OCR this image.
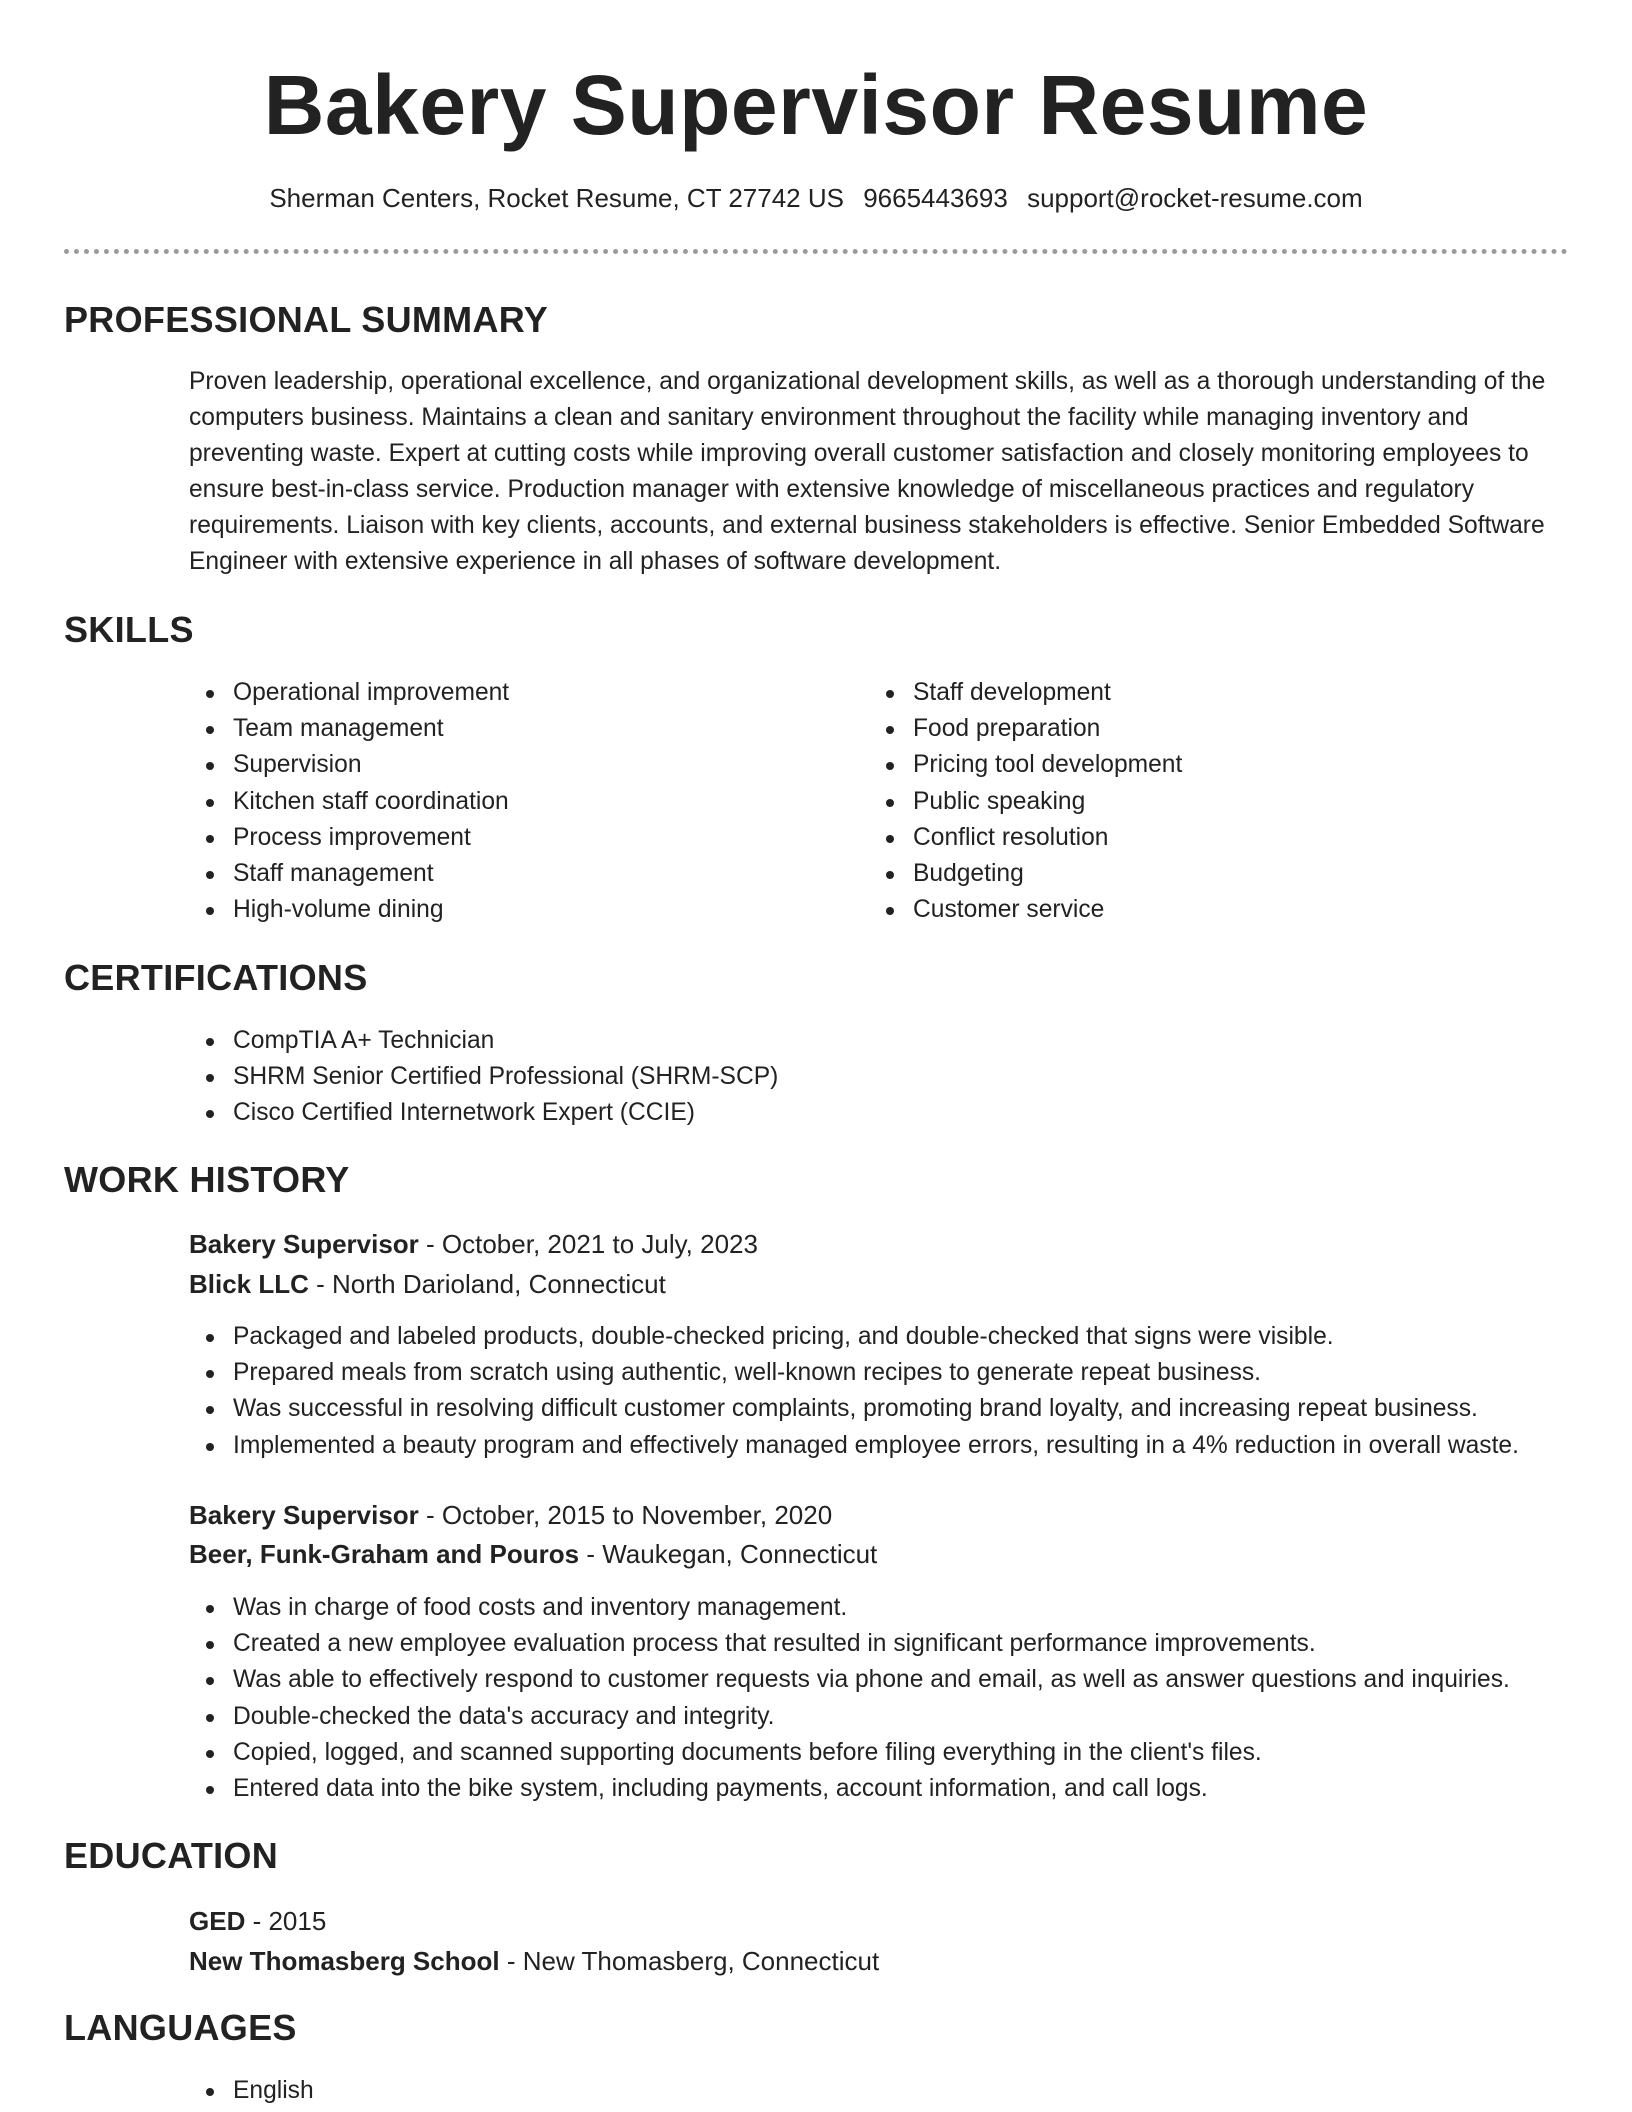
Bakery Supervisor Resume
Sherman Centers, Rocket Resume, CT 27742 US 9665443693 support@rocket-resume.com
PROFESSIONAL SUMMARY

Proven leadership, operational excellence, and organizational development skills, as well as a thorough understanding of the computers business. Maintains a clean and sanitary environment throughout the facility while managing inventory and preventing waste. Expert at cutting costs while improving overall customer satisfaction and closely monitoring employees to ensure best-in-class service. Production manager with extensive knowledge of miscellaneous practices and regulatory requirements. Liaison with key clients, accounts, and external business stakeholders is effective. Senior Embedded Software Engineer with extensive experience in all phases of software development.

SKILLS
Operational improvement
Team management
Supervision
Kitchen staff coordination
Process improvement
Staff management
High-volume dining
Staff development
Food preparation
Pricing tool development
Public speaking
Conflict resolution
Budgeting
Customer service
CERTIFICATIONS
CompTIA A+ Technician
SHRM Senior Certified Professional (SHRM-SCP)
Cisco Certified Internetwork Expert (CCIE)
WORK HISTORY
Bakery Supervisor - October, 2021 to July, 2023
Blick LLC - North Darioland, Connecticut
Packaged and labeled products, double-checked pricing, and double-checked that signs were visible.
Prepared meals from scratch using authentic, well-known recipes to generate repeat business.
Was successful in resolving difficult customer complaints, promoting brand loyalty, and increasing repeat business.
Implemented a beauty program and effectively managed employee errors, resulting in a 4% reduction in overall waste.
Bakery Supervisor - October, 2015 to November, 2020
Beer, Funk-Graham and Pouros - Waukegan, Connecticut
Was in charge of food costs and inventory management.
Created a new employee evaluation process that resulted in significant performance improvements.
Was able to effectively respond to customer requests via phone and email, as well as answer questions and inquiries.
Double-checked the data's accuracy and integrity.
Copied, logged, and scanned supporting documents before filing everything in the client's files.
Entered data into the bike system, including payments, account information, and call logs.
EDUCATION
GED - 2015
New Thomasberg School - New Thomasberg, Connecticut
LANGUAGES
English
